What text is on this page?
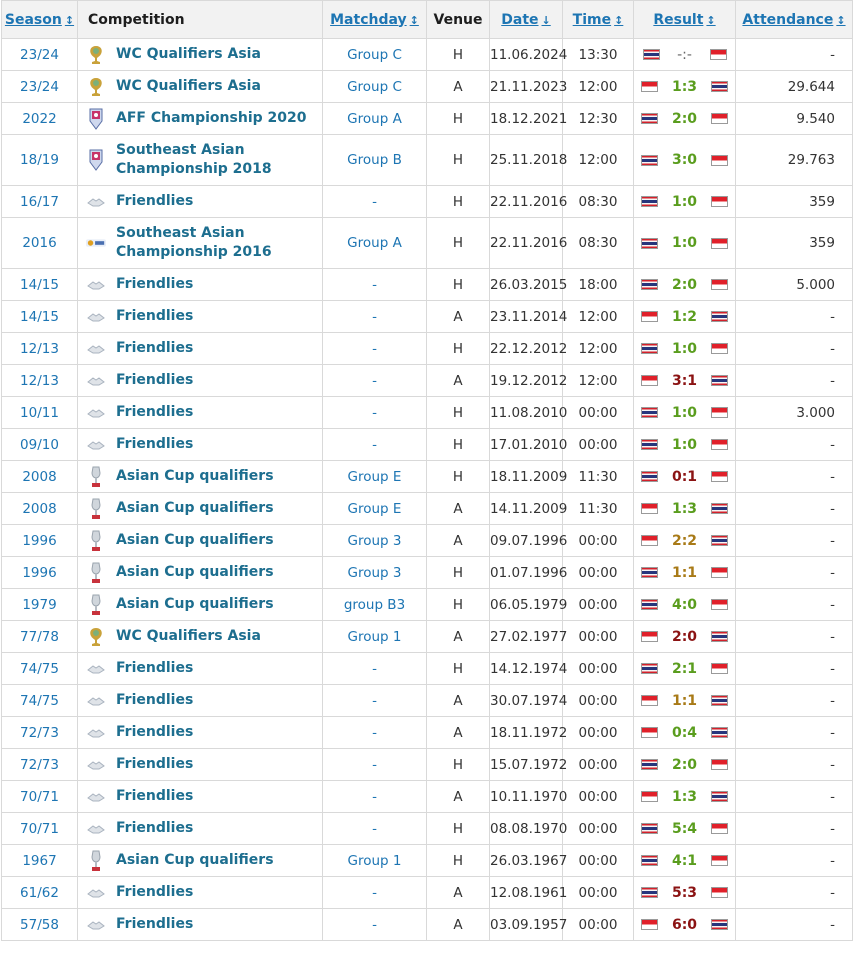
Season ↕	Competition	Matchday ↕	Venue	Date ↓	Time ↕	Result ↕	Attendance ↕
23/24	WC Qualifiers Asia	Group C	H	11.06.2024	13:30	-:-	-
23/24	WC Qualifiers Asia	Group C	A	21.11.2023	12:00	1:3	29.644
2022	AFF Championship 2020	Group A	H	18.12.2021	12:30	2:0	9.540
18/19	Southeast Asian Championship 2018	Group B	H	25.11.2018	12:00	3:0	29.763
16/17	Friendlies	-	H	22.11.2016	08:30	1:0	359
2016	Southeast Asian Championship 2016	Group A	H	22.11.2016	08:30	1:0	359
14/15	Friendlies	-	H	26.03.2015	18:00	2:0	5.000
14/15	Friendlies	-	A	23.11.2014	12:00	1:2	-
12/13	Friendlies	-	H	22.12.2012	12:00	1:0	-
12/13	Friendlies	-	A	19.12.2012	12:00	3:1	-
10/11	Friendlies	-	H	11.08.2010	00:00	1:0	3.000
09/10	Friendlies	-	H	17.01.2010	00:00	1:0	-
2008	Asian Cup qualifiers	Group E	H	18.11.2009	11:30	0:1	-
2008	Asian Cup qualifiers	Group E	A	14.11.2009	11:30	1:3	-
1996	Asian Cup qualifiers	Group 3	A	09.07.1996	00:00	2:2	-
1996	Asian Cup qualifiers	Group 3	H	01.07.1996	00:00	1:1	-
1979	Asian Cup qualifiers	group B3	H	06.05.1979	00:00	4:0	-
77/78	WC Qualifiers Asia	Group 1	A	27.02.1977	00:00	2:0	-
74/75	Friendlies	-	H	14.12.1974	00:00	2:1	-
74/75	Friendlies	-	A	30.07.1974	00:00	1:1	-
72/73	Friendlies	-	A	18.11.1972	00:00	0:4	-
72/73	Friendlies	-	H	15.07.1972	00:00	2:0	-
70/71	Friendlies	-	A	10.11.1970	00:00	1:3	-
70/71	Friendlies	-	H	08.08.1970	00:00	5:4	-
1967	Asian Cup qualifiers	Group 1	H	26.03.1967	00:00	4:1	-
61/62	Friendlies	-	A	12.08.1961	00:00	5:3	-
57/58	Friendlies	-	A	03.09.1957	00:00	6:0	-
